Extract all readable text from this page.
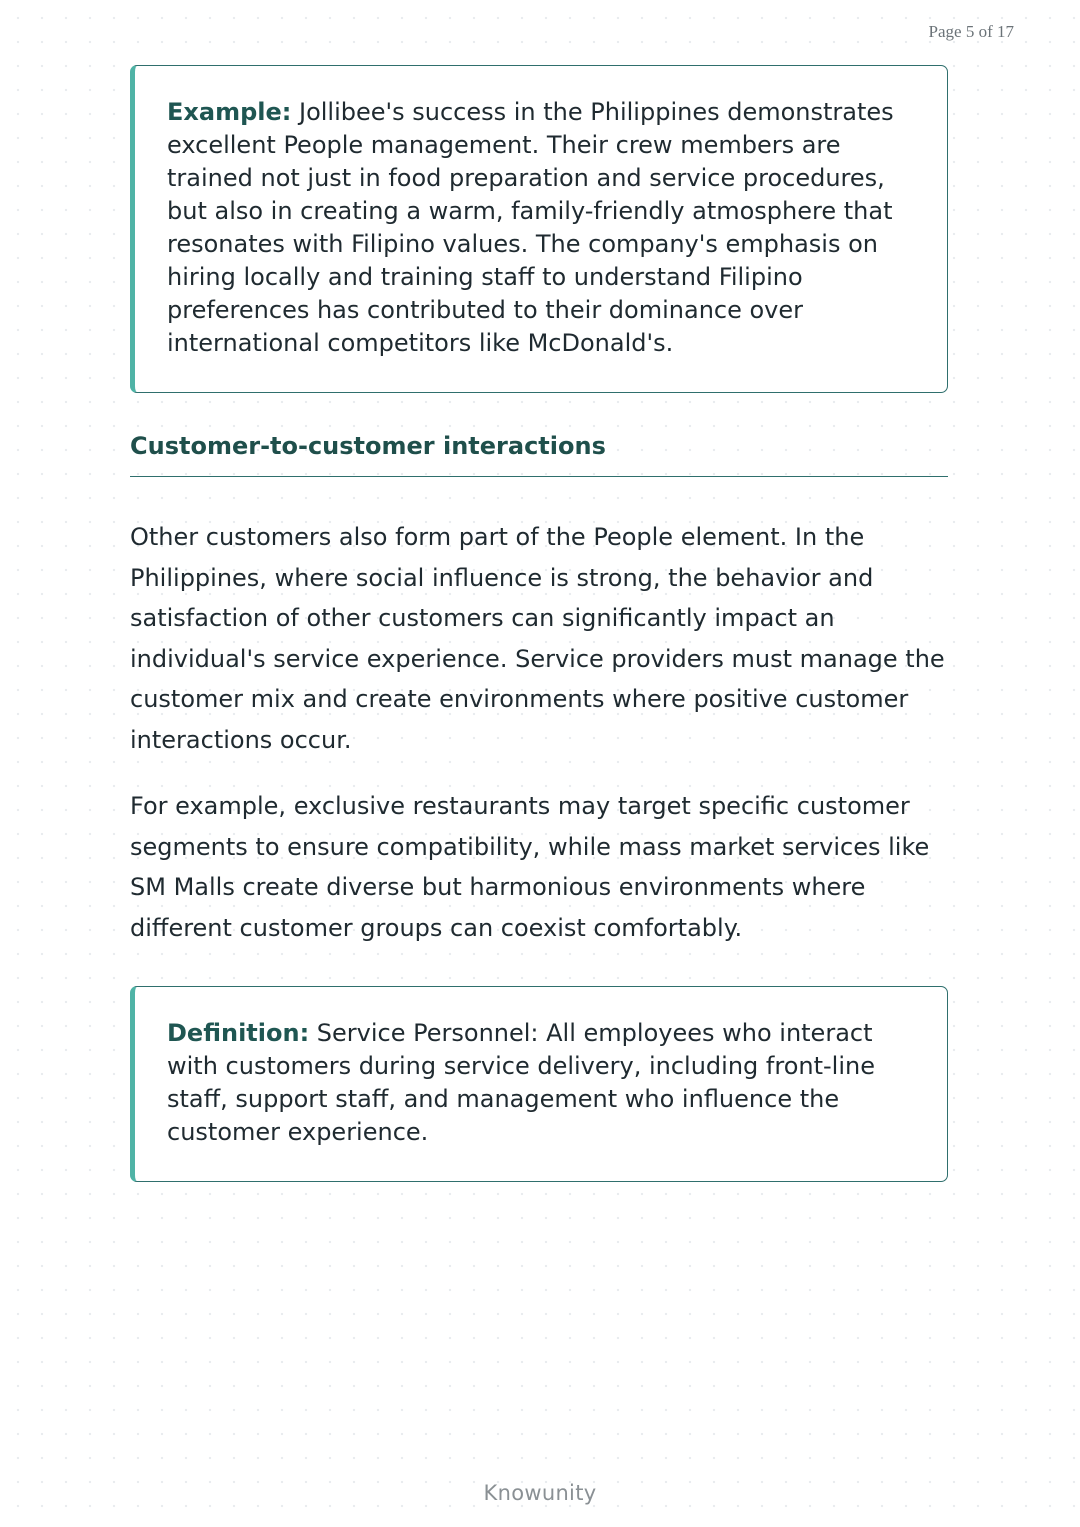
Page 5 of 17

Example: Jollibee's success in the Philippines demonstrates excellent People management. Their crew members are trained not just in food preparation and service procedures, but also in creating a warm, family-friendly atmosphere that resonates with Filipino values. The company's emphasis on hiring locally and training staff to understand Filipino preferences has contributed to their dominance over international competitors like McDonald's.

Customer-to-customer interactions

Other customers also form part of the People element. In the Philippines, where social influence is strong, the behavior and satisfaction of other customers can significantly impact an individual's service experience. Service providers must manage the customer mix and create environments where positive customer interactions occur.

For example, exclusive restaurants may target specific customer segments to ensure compatibility, while mass market services like SM Malls create diverse but harmonious environments where different customer groups can coexist comfortably.

Definition: Service Personnel: All employees who interact with customers during service delivery, including front-line staff, support staff, and management who influence the customer experience.

Knowunity
